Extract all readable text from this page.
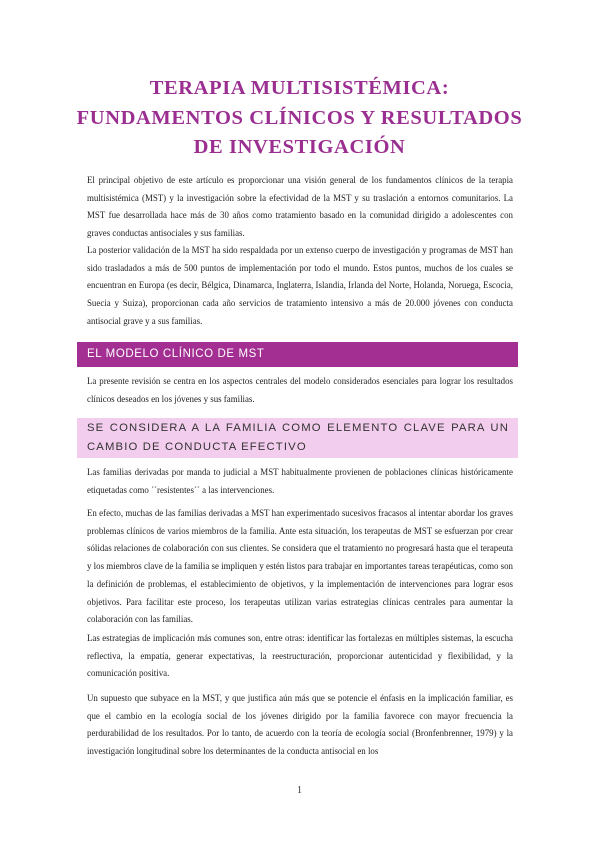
TERAPIA MULTISISTÉMICA:
FUNDAMENTOS CLÍNICOS Y RESULTADOS
DE INVESTIGACIÓN
El principal objetivo de este artículo es proporcionar una visión general de los fundamentos clínicos de la terapia multisistémica (MST) y la investigación sobre la efectividad de la MST y su traslación a entornos comunitarios. La MST fue desarrollada hace más de 30 años como tratamiento basado en la comunidad dirigido a adolescentes con graves conductas antisociales y sus familias.
La posterior validación de la MST ha sido respaldada por un extenso cuerpo de investigación y programas de MST han sido trasladados a más de 500 puntos de implementación por todo el mundo. Estos puntos, muchos de los cuales se encuentran en Europa (es decir, Bélgica, Dinamarca, Inglaterra, Islandia, Irlanda del Norte, Holanda, Noruega, Escocia, Suecia y Suiza), proporcionan cada año servicios de tratamiento intensivo a más de 20.000 jóvenes con conducta antisocial grave y a sus familias.
EL MODELO CLÍNICO DE MST
La presente revisión se centra en los aspectos centrales del modelo considerados esenciales para lograr los resultados clínicos deseados en los jóvenes y sus familias.
SE CONSIDERA A LA FAMILIA COMO ELEMENTO CLAVE PARA UN CAMBIO DE CONDUCTA EFECTIVO
Las familias derivadas por manda to judicial a MST habitualmente provienen de poblaciones clínicas históricamente etiquetadas como ´´resistentes´´ a las intervenciones.
En efecto, muchas de las familias derivadas a MST han experimentado sucesivos fracasos al intentar abordar los graves problemas clínicos de varios miembros de la familia. Ante esta situación, los terapeutas de MST se esfuerzan por crear sólidas relaciones de colaboración con sus clientes. Se considera que el tratamiento no progresará hasta que el terapeuta y los miembros clave de la familia se impliquen y estén listos para trabajar en importantes tareas terapéuticas, como son la definición de problemas, el establecimiento de objetivos, y la implementación de intervenciones para lograr esos objetivos. Para facilitar este proceso, los terapeutas utilizan varias estrategias clínicas centrales para aumentar la colaboración con las familias.
Las estrategias de implicación más comunes son, entre otras: identificar las fortalezas en múltiples sistemas, la escucha reflectiva, la empatía, generar expectativas, la reestructuración, proporcionar autenticidad y flexibilidad, y la comunicación positiva.
Un supuesto que subyace en la MST, y que justifica aún más que se potencie el énfasis en la implicación familiar, es que el cambio en la ecología social de los jóvenes dirigido por la familia favorece con mayor frecuencia la perdurabilidad de los resultados. Por lo tanto, de acuerdo con la teoría de ecología social (Bronfenbrenner, 1979) y la investigación longitudinal sobre los determinantes de la conducta antisocial en los
1
